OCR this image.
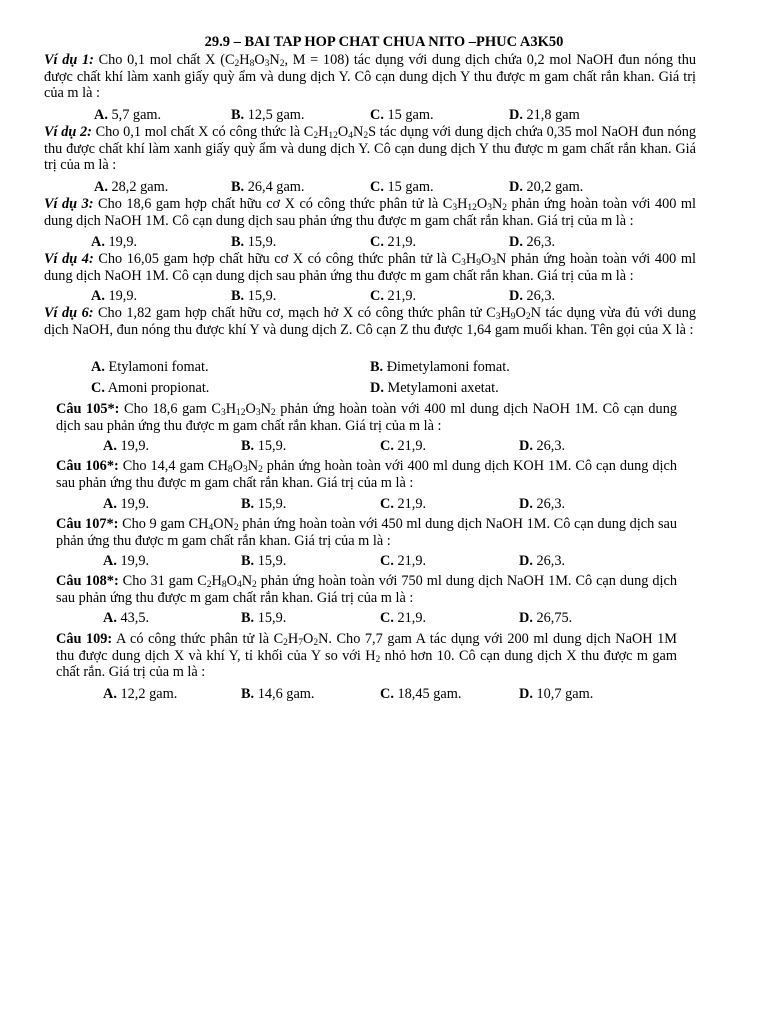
29.9 – BAI TAP HOP CHAT CHUA NITO –PHUC A3K50
Ví dụ 1: Cho 0,1 mol chất X ($C_2H_8O_3N_2$, M = 108) tác dụng với dung dịch chứa 0,2 mol NaOH đun nóng thu được chất khí làm xanh giấy quỳ ẩm và dung dịch Y. Cô cạn dung dịch Y thu được m gam chất rắn khan. Giá trị của m là :
A. 5,7 gam.	B. 12,5 gam.	C. 15 gam.	D. 21,8 gam
Ví dụ 2: Cho 0,1 mol chất X có công thức là $C_2H_{12}O_4N_2S$ tác dụng với dung dịch chứa 0,35 mol NaOH đun nóng thu được chất khí làm xanh giấy quỳ ẩm và dung dịch Y. Cô cạn dung dịch Y thu được m gam chất rắn khan. Giá trị của m là :
A. 28,2 gam.	B. 26,4 gam.	C. 15 gam.	D. 20,2 gam.
Ví dụ 3: Cho 18,6 gam hợp chất hữu cơ X có công thức phân tử là $C_3H_{12}O_3N_2$ phản ứng hoàn toàn với 400 ml dung dịch NaOH 1M. Cô cạn dung dịch sau phản ứng thu được m gam chất rắn khan. Giá trị của m là :
A. 19,9.	B. 15,9.	C. 21,9.	D. 26,3.
Ví dụ 4: Cho 16,05 gam hợp chất hữu cơ X có công thức phân tử là $C_3H_9O_3N$ phản ứng hoàn toàn với 400 ml dung dịch NaOH 1M. Cô cạn dung dịch sau phản ứng thu được m gam chất rắn khan. Giá trị của m là :
A. 19,9.	B. 15,9.	C. 21,9.	D. 26,3.
Ví dụ 6: Cho 1,82 gam hợp chất hữu cơ, mạch hở X có công thức phân tử $C_3H_9O_2N$ tác dụng vừa đủ với dung dịch NaOH, đun nóng thu được khí Y và dung dịch Z. Cô cạn Z thu được 1,64 gam muối khan. Tên gọi của X là :
A. Etylamoni fomat.	B. Đimetylamoni fomat.
C. Amoni propionat.	D. Metylamoni axetat.
Câu 105*: Cho 18,6 gam $C_3H_{12}O_3N_2$ phản ứng hoàn toàn với 400 ml dung dịch NaOH 1M. Cô cạn dung dịch sau phản ứng thu được m gam chất rắn khan. Giá trị của m là :
A. 19,9.	B. 15,9.	C. 21,9.	D. 26,3.
Câu 106*: Cho 14,4 gam $CH_8O_3N_2$ phản ứng hoàn toàn với 400 ml dung dịch KOH 1M. Cô cạn dung dịch sau phản ứng thu được m gam chất rắn khan. Giá trị của m là :
A. 19,9.	B. 15,9.	C. 21,9.	D. 26,3.
Câu 107*: Cho 9 gam $CH_4ON_2$ phản ứng hoàn toàn với 450 ml dung dịch NaOH 1M. Cô cạn dung dịch sau phản ứng thu được m gam chất rắn khan. Giá trị của m là :
A. 19,9.	B. 15,9.	C. 21,9.	D. 26,3.
Câu 108*: Cho 31 gam $C_2H_8O_4N_2$ phản ứng hoàn toàn với 750 ml dung dịch NaOH 1M. Cô cạn dung dịch sau phản ứng thu được m gam chất rắn khan. Giá trị của m là :
A. 43,5.	B. 15,9.	C. 21,9.	D. 26,75.
Câu 109: A có công thức phân tử là $C_2H_7O_2N$. Cho 7,7 gam A tác dụng với 200 ml dung dịch NaOH 1M thu được dung dịch X và khí Y, tỉ khối của Y so với $H_2$ nhỏ hơn 10. Cô cạn dung dịch X thu được m gam chất rắn. Giá trị của m là :
A. 12,2 gam.	B. 14,6 gam.	C. 18,45 gam.	D. 10,7 gam.
